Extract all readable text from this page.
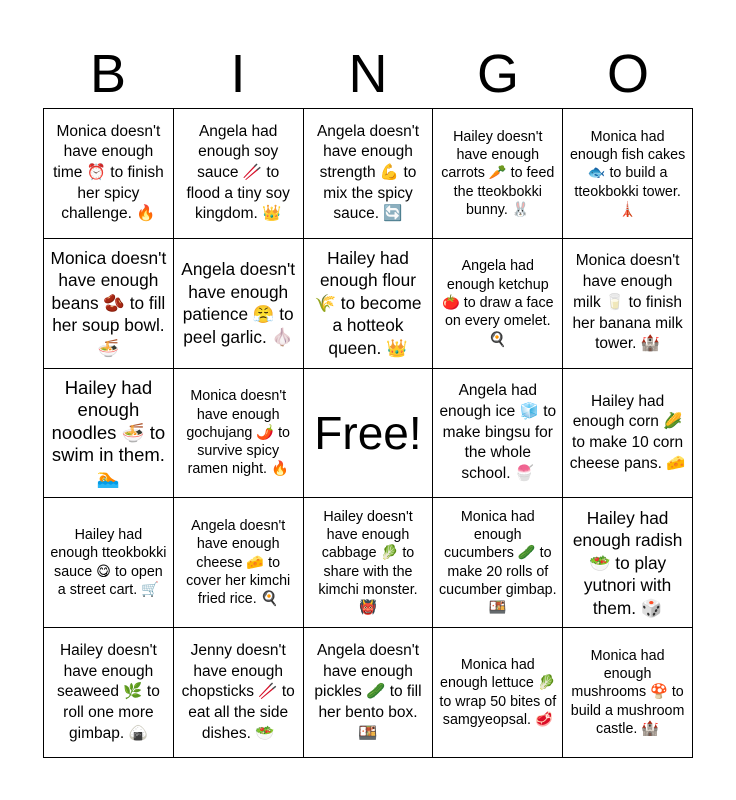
B	I	N	G	O
Monica doesn't have enough time ⏰ to finish her spicy challenge. 🔥
Angela had enough soy sauce 🥢 to flood a tiny soy kingdom. 👑
Angela doesn't have enough strength 💪 to mix the spicy sauce. 🔄
Hailey doesn't have enough carrots 🥕 to feed the tteokbokki bunny. 🐰
Monica had enough fish cakes 🐟 to build a tteokbokki tower. 🗼
Monica doesn't have enough beans 🫘 to fill her soup bowl. 🍜
Angela doesn't have enough patience 😤 to peel garlic. 🧄
Hailey had enough flour 🌾 to become a hotteok queen. 👑
Angela had enough ketchup 🍅 to draw a face on every omelet. 🍳
Monica doesn't have enough milk 🥛 to finish her banana milk tower. 🏰
Hailey had enough noodles 🍜 to swim in them. 🏊
Monica doesn't have enough gochujang 🌶️ to survive spicy ramen night. 🔥
Free!
Angela had enough ice 🧊 to make bingsu for the whole school. 🍧
Hailey had enough corn 🌽 to make 10 corn cheese pans. 🧀
Hailey had enough tteokbokki sauce 😋 to open a street cart. 🛒
Angela doesn't have enough cheese 🧀 to cover her kimchi fried rice. 🍳
Hailey doesn't have enough cabbage 🥬 to share with the kimchi monster. 👹
Monica had enough cucumbers 🥒 to make 20 rolls of cucumber gimbap. 🍱
Hailey had enough radish 🥗 to play yutnori with them. 🎲
Hailey doesn't have enough seaweed 🌿 to roll one more gimbap. 🍙
Jenny doesn't have enough chopsticks 🥢 to eat all the side dishes. 🥗
Angela doesn't have enough pickles 🥒 to fill her bento box. 🍱
Monica had enough lettuce 🥬 to wrap 50 bites of samgyeopsal. 🥩
Monica had enough mushrooms 🍄 to build a mushroom castle. 🏰
